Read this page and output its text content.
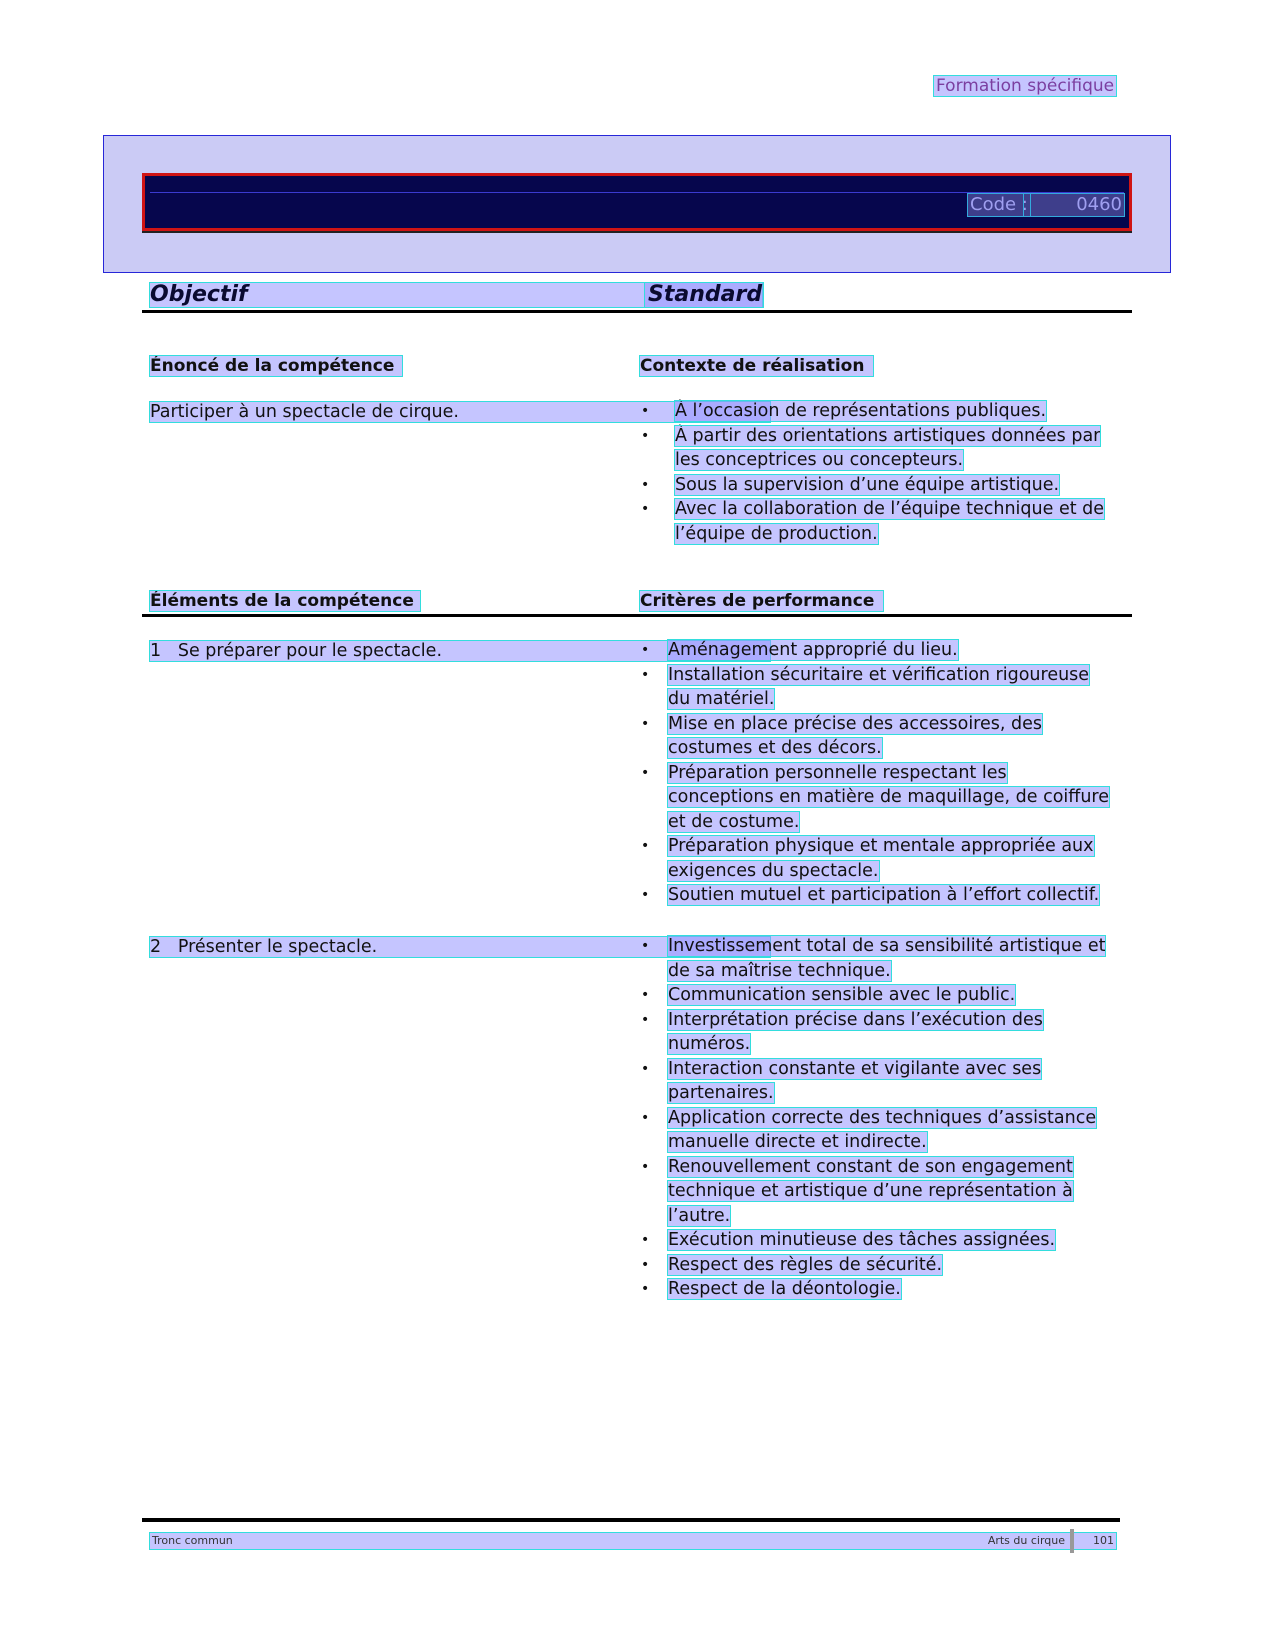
Formation spécifique
Code :	0460
Objectif	Standard
Énoncé de la compétence	Contexte de réalisation
Participer à un spectacle de cirque.	• À l’occasion de représentations publiques.
• À partir des orientations artistiques données par les conceptrices ou concepteurs.
• Sous la supervision d’une équipe artistique.
• Avec la collaboration de l’équipe technique et de l’équipe de production.
Éléments de la compétence	Critères de performance
1 Se préparer pour le spectacle.	• Aménagement approprié du lieu.
• Installation sécuritaire et vérification rigoureuse du matériel.
• Mise en place précise des accessoires, des costumes et des décors.
• Préparation personnelle respectant les conceptions en matière de maquillage, de coiffure et de costume.
• Préparation physique et mentale appropriée aux exigences du spectacle.
• Soutien mutuel et participation à l’effort collectif.
2 Présenter le spectacle.	• Investissement total de sa sensibilité artistique et de sa maîtrise technique.
• Communication sensible avec le public.
• Interprétation précise dans l’exécution des numéros.
• Interaction constante et vigilante avec ses partenaires.
• Application correcte des techniques d’assistance manuelle directe et indirecte.
• Renouvellement constant de son engagement technique et artistique d’une représentation à l’autre.
• Exécution minutieuse des tâches assignées.
• Respect des règles de sécurité.
• Respect de la déontologie.
Tronc commun	Arts du cirque	101
